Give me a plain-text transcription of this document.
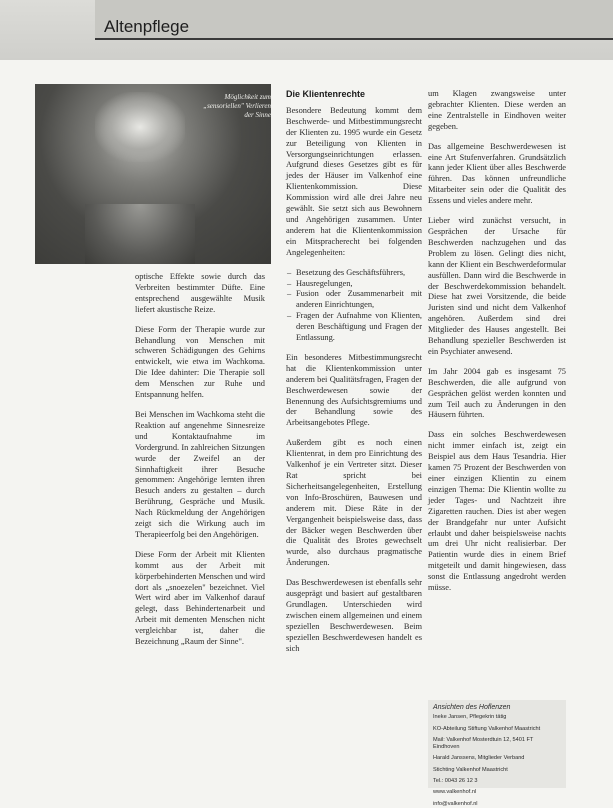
Altenpflege
Möglichkeit zum „sensoriellen" Verlieren der Sinne

optische Effekte sowie durch das Verbreiten bestimmter Düfte. Eine entsprechend ausgewählte Musik liefert akustische Reize.

Diese Form der Therapie wurde zur Behandlung von Menschen mit schweren Schädigungen des Gehirns entwickelt, wie etwa im Wachkoma. Die Idee dahinter: Die Therapie soll dem Menschen zur Ruhe und Entspannung helfen.

Bei Menschen im Wachkoma steht die Reaktion auf angenehme Sinnesreize und Kontaktaufnahme im Vordergrund. In zahlreichen Sitzungen wurde der Zweifel an der Sinnhaftigkeit ihrer Besuche genommen: Angehörige lernten ihren Besuch anders zu gestalten – durch Berührung, Gespräche und Musik. Nach Rückmeldung der Angehörigen zeigt sich die Wirkung auch im Therapieerfolg bei den Angehörigen.

Diese Form der Arbeit mit Klienten kommt aus der Arbeit mit körperbehinderten Menschen und wird dort als „snoezelen" bezeichnet. Viel Wert wird aber im Valkenhof darauf gelegt, dass Behindertenarbeit und Arbeit mit dementen Menschen nicht vergleichbar ist, daher die Bezeichnung „Raum der Sinne".

Die Klientenrechte

Besondere Bedeutung kommt dem Beschwerde- und Mitbestimmungsrecht der Klienten zu. 1995 wurde ein Gesetz zur Beteiligung von Klienten in Versorgungseinrichtungen erlassen. Aufgrund dieses Gesetzes gibt es für jedes der Häuser im Valkenhof eine Klientenkommission. Diese Kommission wird alle drei Jahre neu gewählt. Sie setzt sich aus Bewohnern und Angehörigen zusammen. Unter anderem hat die Klientenkommission ein Mitspracherecht bei folgenden Angelegenheiten:

– Besetzung des Geschäftsführers,
– Hausregelungen,
– Fusion oder Zusammenarbeit mit anderen Einrichtungen,
– Fragen der Aufnahme von Klienten, deren Beschäftigung und Fragen der Entlassung.

Ein besonderes Mitbestimmungsrecht hat die Klientenkommission unter anderem bei Qualitätsfragen, Fragen der Beschwerdewesen sowie der Benennung des Aufsichtsgremiums und der Behandlung sowie des Arbeitsangebotes Pflege.

Außerdem gibt es noch einen Klientenrat, in dem pro Einrichtung des Valkenhof je ein Vertreter sitzt. Dieser Rat spricht bei Sicherheitsangelegenheiten, Erstellung von Info-Broschüren, Bauwesen und anderem mit. Diese Räte in der Vergangenheit beispielsweise dass, dass der Bäcker wegen Beschwerden über die Qualität des Brotes gewechselt wurde, also durchaus pragmatische Änderungen.

Das Beschwerdewesen ist ebenfalls sehr ausgeprägt und basiert auf gestaltbaren Grundlagen. Unterschieden wird zwischen einem allgemeinen und einem speziellen Beschwerdewesen. Beim speziellen Beschwerdewesen handelt es sich

um Klagen zwangsweise unter gebrachter Klienten. Diese werden an eine Zentralstelle in Eindhoven weiter gegeben.

Das allgemeine Beschwerdewesen ist eine Art Stufenverfahren. Grundsätzlich kann jeder Klient über alles Beschwerde führen. Das können unfreundliche Mitarbeiter sein oder die Qualität des Essens und vieles andere mehr.

Lieber wird zunächst versucht, in Gesprächen der Ursache für Beschwerden nachzugehen und das Problem zu lösen. Gelingt dies nicht, kann der Klient ein Beschwerdeformular ausfüllen. Dann wird die Beschwerde in der Beschwerdekommission behandelt. Diese hat zwei Vorsitzende, die beide Juristen sind und nicht dem Valkenhof angehören. Außerdem sind drei Mitglieder des Hauses angestellt. Bei Behandlung spezieller Beschwerden ist ein Psychiater anwesend.

Im Jahr 2004 gab es insgesamt 75 Beschwerden, die alle aufgrund von Gesprächen gelöst werden konnten und zum Teil auch zu Änderungen in den Häusern führten.

Dass ein solches Beschwerdewesen nicht immer einfach ist, zeigt ein Beispiel aus dem Haus Tesandria. Hier kamen 75 Prozent der Beschwerden von einer einzigen Klientin zu einem einzigen Thema: Die Klientin wollte zu jeder Tages- und Nachtzeit ihre Zigaretten rauchen. Dies ist aber wegen der Brandgefahr nur unter Aufsicht erlaubt und daher beispielsweise nachts um drei Uhr nicht realisierbar. Der Patientin wurde dies in einem Brief mitgeteilt und damit hingewiesen, dass sonst die Entlassung angedroht werden müsse.

Ansichten des Hoflenzen

Ineke Jansen, Pflegekrin tätig

KO-Abteilung Stiftung Valkenhof Maastricht

Mail: Valkenhof Mosterdtuin 12, 5401 FT Eindhoven

Harald Janssens, Mitglieder Verband

Stichting Valkenhof Maastricht

Tel.: 0043 26 12 3

www.valkenhof.nl

info@valkenhof.nl
